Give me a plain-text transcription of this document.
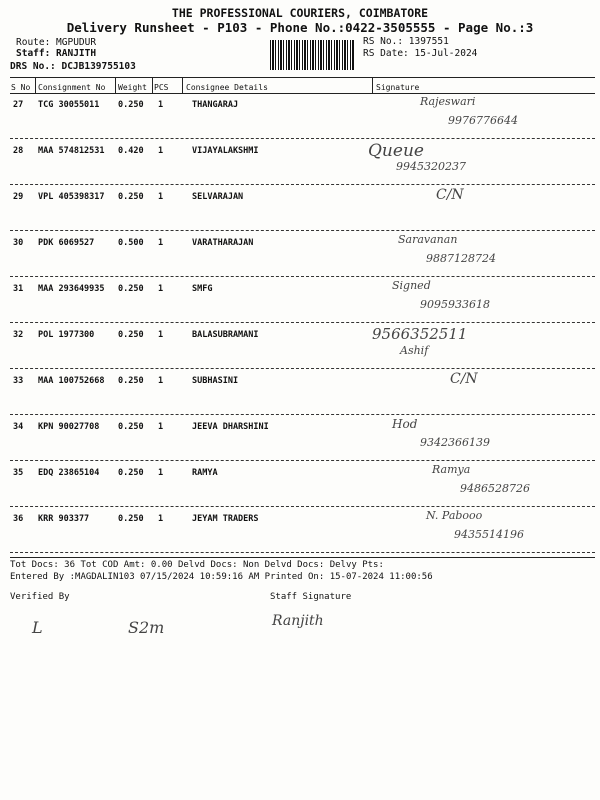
THE PROFESSIONAL COURIERS, COIMBATORE
Delivery Runsheet - P103 - Phone No.:0422-3505555 - Page No.:3
Route: MGPUDUR
Staff: RANJITH
DRS No.: DCJB139755103
RS No.: 1397551
RS Date: 15-Jul-2024
S No Consignment No Weight PCS Consignee Details	Signature
27 TCG 30055011 0.250 1	THANGARAJ	Rajeswari
9976776644
28 MAA 574812531 0.420 1	VIJAYALAKSHMI	Queue
9945320237
29 VPL 405398317 0.250 1	SELVARAJAN	C/N
30 PDK 6069527	0.500 1	VARATHARAJAN	Saravanan
9887128724
31 MAA 293649935 0.250 1	SMFG	Signed
9095933618
32 POL 1977300	0.250 1	BALASUBRAMANI	9566352511
Ashif
33 MAA 100752668 0.250 1	SUBHASINI	C/N
34 KPN 90027708 0.250 1	JEEVA DHARSHINI	Hod
9342366139
35 EDQ 23865104 0.250 1	RAMYA	Ramya
9486528726
36 KRR 903377	0.250 1	JEYAM TRADERS	N. Pabooo
9435514196
Tot Docs: 36 Tot COD Amt: 0.00 Delvd Docs: Non Delvd Docs: Delvy Pts:
Entered By :MAGDALIN103 07/15/2024 10:59:16 AM Printed On: 15-07-2024 11:00:56
Verified By	Staff Signature
L	S2m	Ranjith
